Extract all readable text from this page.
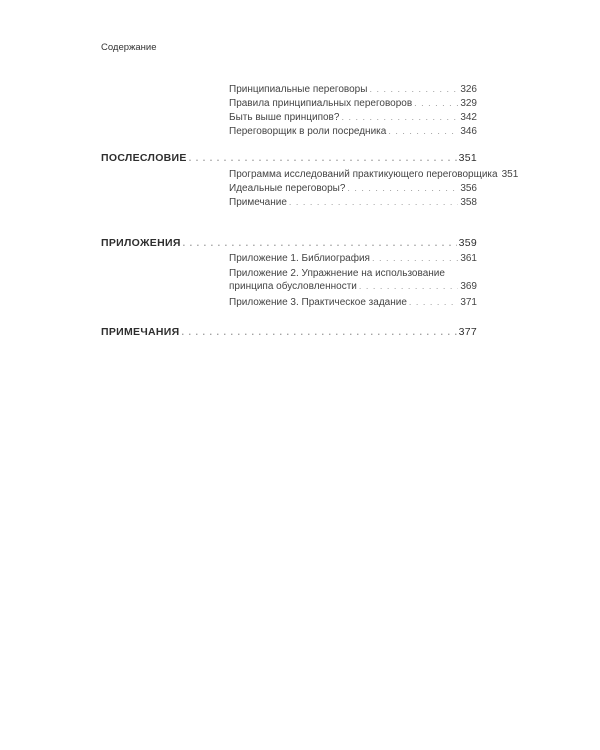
Содержание
Принципиальные переговоры . . .	326
Правила принципиальных переговоров . . .	329
Быть выше принципов? . . .	342
Переговорщик в роли посредника . . .	346
ПОСЛЕСЛОВИЕ . . .	351
Программа исследований практикующего переговорщика 351
Идеальные переговоры? . . .	356
Примечание . . .	358
ПРИЛОЖЕНИЯ . . .	359
Приложение 1. Библиография . . .	361
Приложение 2. Упражнение на использование
принципа обусловленности . . .	369
Приложение 3. Практическое задание . . .	371
ПРИМЕЧАНИЯ . . .	377
